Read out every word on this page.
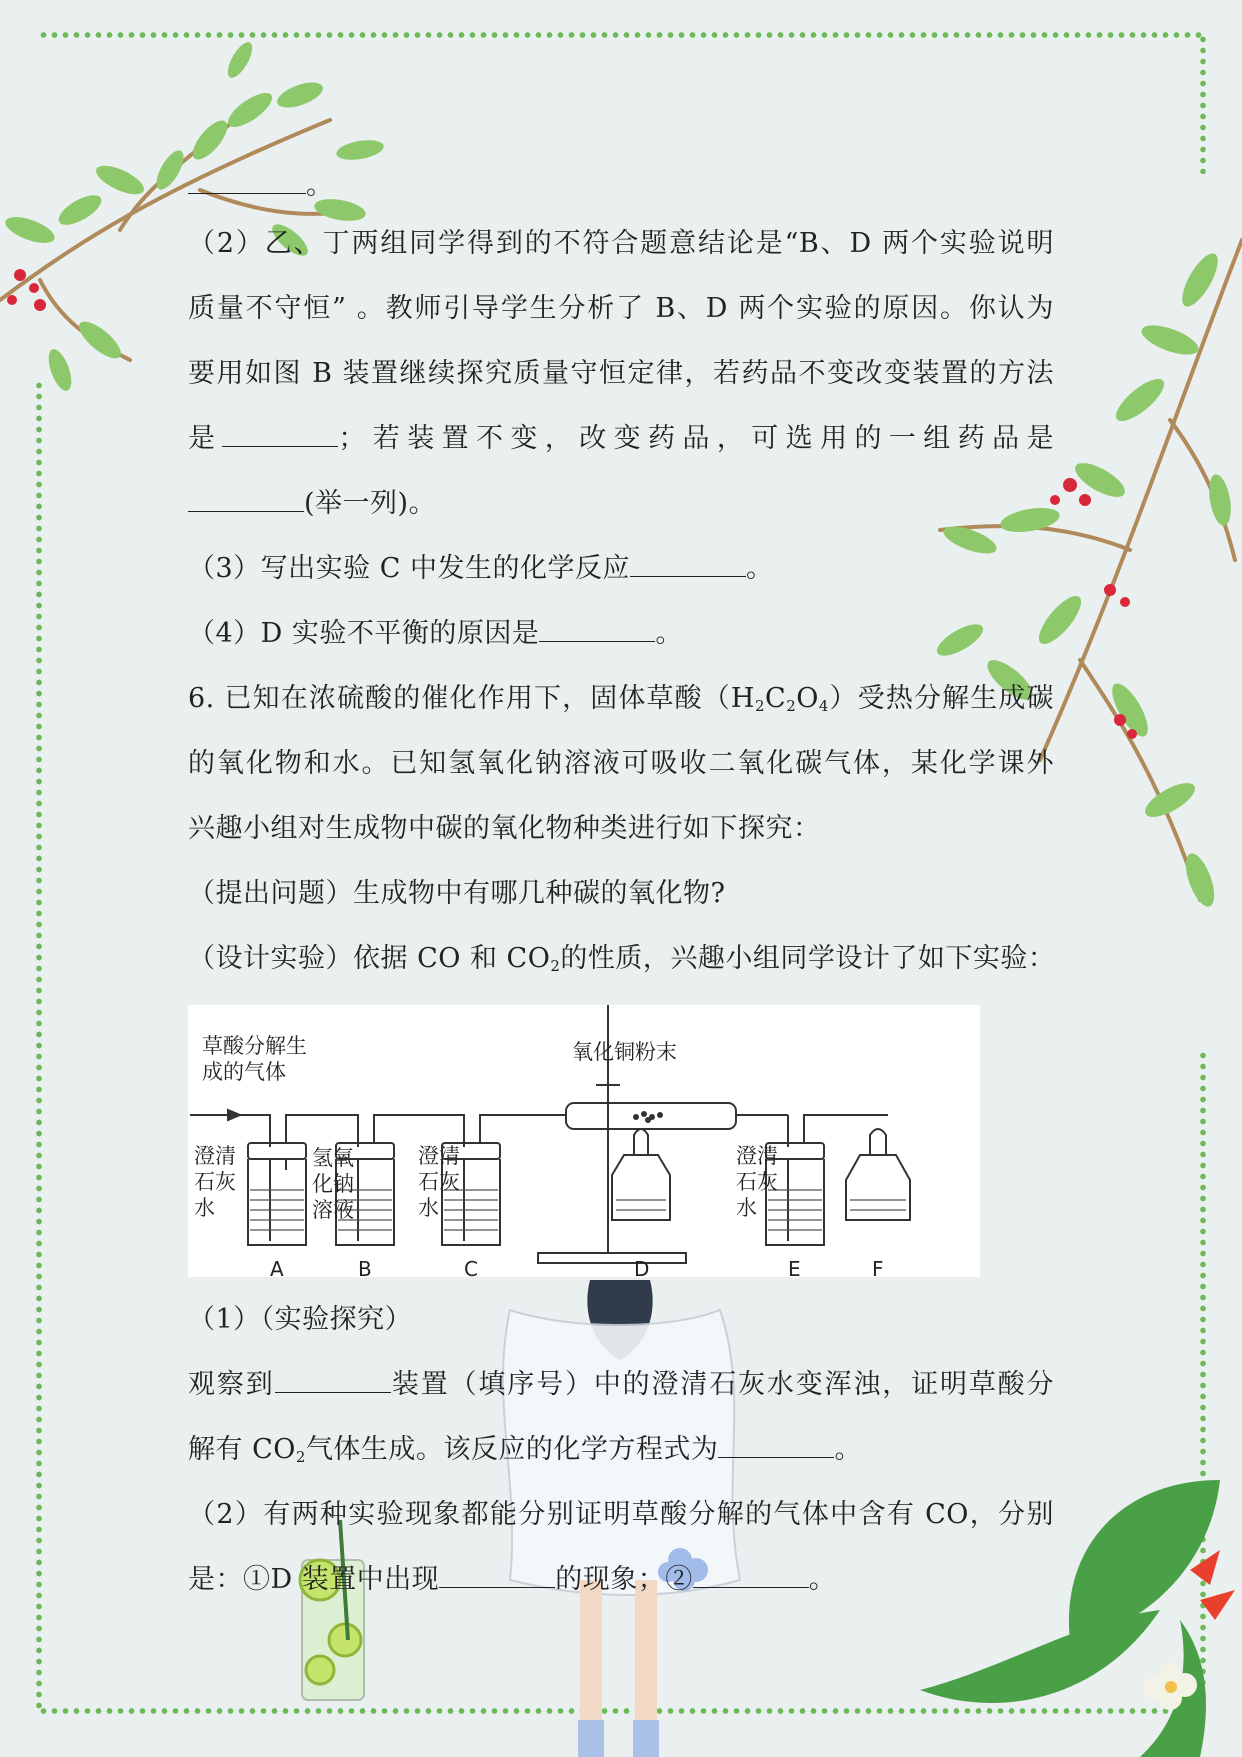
。
（2）乙、丁两组同学得到的不符合题意结论是“B、D 两个实验说明
质量不守恒” 。教师引导学生分析了 B、D 两个实验的原因。你认为
要用如图 B 装置继续探究质量守恒定律，若药品不变改变装置的方法
是	；若装置不变，改变药品，可选用的一组药品是
(举一列)。
（3）写出实验 C 中发生的化学反应	。
（4）D 实验不平衡的原因是	。
6. 已知在浓硫酸的催化作用下，固体草酸$(H_2C_2O_4)$受热分解生成碳
的氧化物和水。已知氢氧化钠溶液可吸收二氧化碳气体，某化学课外
兴趣小组对生成物中碳的氧化物种类进行如下探究：
（提出问题）生成物中有哪几种碳的氧化物?
（设计实验）依据 CO 和 $CO_2$的性质，兴趣小组同学设计了如下实验：
（1）（实验探究）
观察到	装置（填序号）中的澄清石灰水变浑浊，证明草酸分
解有 $CO_2$气体生成。该反应的化学方程式为	。
（2）有两种实验现象都能分别证明草酸分解的气体中含有 CO，分别
是：①D 装置中出现	的现象；②	。
草酸分解生
成的气体
氧化铜粉末
澄清
石灰
水
氢氧
化钠
溶液
澄清
石灰
水
澄清
石灰
水
A	B	C	D	E	F
